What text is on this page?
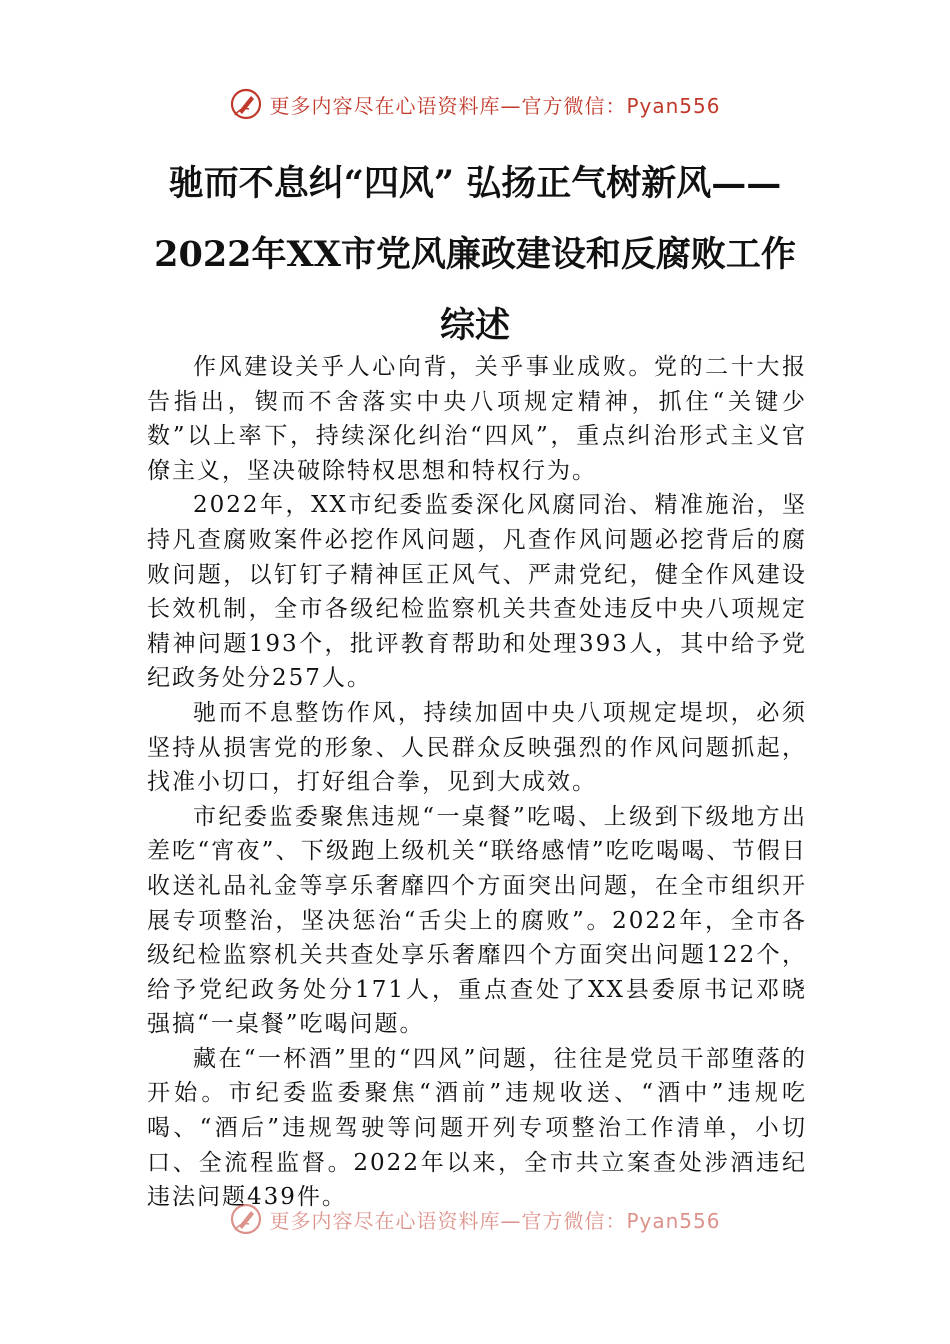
更多内容尽在心语资料库—官方微信：Pyan556
驰而不息纠“四风” 弘扬正气树新风——2022年XX市党风廉政建设和反腐败工作综述

作风建设关乎人心向背，关乎事业成败。党的二十大报告指出，锲而不舍落实中央八项规定精神，抓住“关键少数”以上率下，持续深化纠治“四风”，重点纠治形式主义官僚主义，坚决破除特权思想和特权行为。

2022年，XX市纪委监委深化风腐同治、精准施治，坚持凡查腐败案件必挖作风问题，凡查作风问题必挖背后的腐败问题，以钉钉子精神匡正风气、严肃党纪，健全作风建设长效机制，全市各级纪检监察机关共查处违反中央八项规定精神问题193个，批评教育帮助和处理393人，其中给予党纪政务处分257人。

驰而不息整饬作风，持续加固中央八项规定堤坝，必须坚持从损害党的形象、人民群众反映强烈的作风问题抓起，找准小切口，打好组合拳，见到大成效。

市纪委监委聚焦违规“一桌餐”吃喝、上级到下级地方出差吃“宵夜”、下级跑上级机关“联络感情”吃吃喝喝、节假日收送礼品礼金等享乐奢靡四个方面突出问题，在全市组织开展专项整治，坚决惩治“舌尖上的腐败”。2022年，全市各级纪检监察机关共查处享乐奢靡四个方面突出问题122个，给予党纪政务处分171人，重点查处了XX县委原书记邓晓强搞“一桌餐”吃喝问题。

藏在“一杯酒”里的“四风”问题，往往是党员干部堕落的开始。市纪委监委聚焦“酒前”违规收送、“酒中”违规吃喝、“酒后”违规驾驶等问题开列专项整治工作清单，小切口、全流程监督。2022年以来，全市共立案查处涉酒违纪违法问题439件。

更多内容尽在心语资料库—官方微信：Pyan556
